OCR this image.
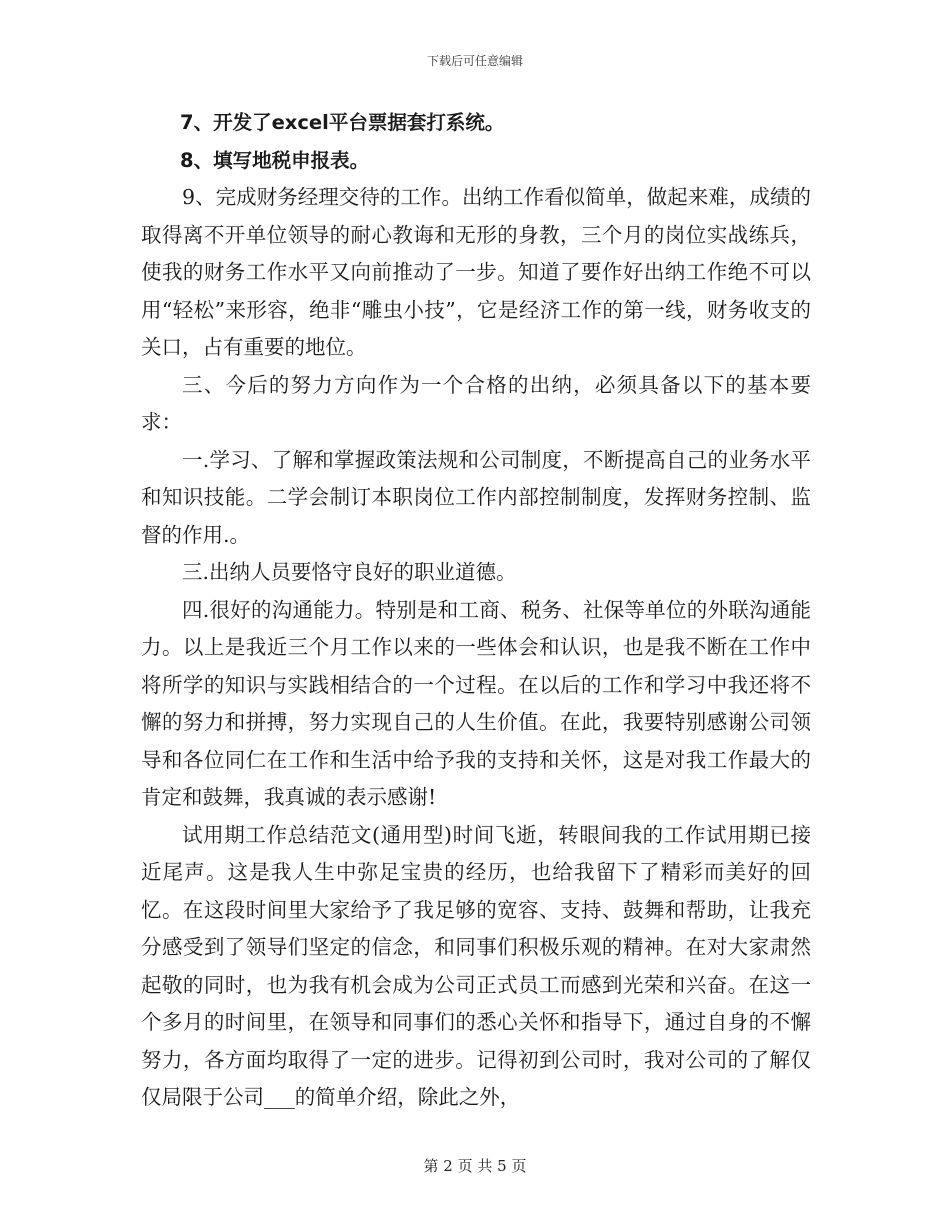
下载后可任意编辑

7、开发了excel平台票据套打系统。

8、填写地税申报表。

9、完成财务经理交待的工作。出纳工作看似简单，做起来难，成绩的取得离不开单位领导的耐心教诲和无形的身教，三个月的岗位实战练兵，使我的财务工作水平又向前推动了一步。知道了要作好出纳工作绝不可以用“轻松”来形容，绝非“雕虫小技”，它是经济工作的第一线，财务收支的关口，占有重要的地位。

三、今后的努力方向作为一个合格的出纳，必须具备以下的基本要求：

一.学习、了解和掌握政策法规和公司制度，不断提高自己的业务水平和知识技能。二学会制订本职岗位工作内部控制制度，发挥财务控制、监督的作用.。

三.出纳人员要恪守良好的职业道德。

四.很好的沟通能力。特别是和工商、税务、社保等单位的外联沟通能力。以上是我近三个月工作以来的一些体会和认识，也是我不断在工作中将所学的知识与实践相结合的一个过程。在以后的工作和学习中我还将不懈的努力和拼搏，努力实现自己的人生价值。在此，我要特别感谢公司领导和各位同仁在工作和生活中给予我的支持和关怀，这是对我工作最大的肯定和鼓舞，我真诚的表示感谢!

试用期工作总结范文(通用型)时间飞逝，转眼间我的工作试用期已接近尾声。这是我人生中弥足宝贵的经历，也给我留下了精彩而美好的回忆。在这段时间里大家给予了我足够的宽容、支持、鼓舞和帮助，让我充分感受到了领导们坚定的信念，和同事们积极乐观的精神。在对大家肃然起敬的同时，也为我有机会成为公司正式员工而感到光荣和兴奋。在这一个多月的时间里，在领导和同事们的悉心关怀和指导下，通过自身的不懈努力，各方面均取得了一定的进步。记得初到公司时，我对公司的了解仅仅局限于公司___的简单介绍，除此之外，

第 2 页 共 5 页
